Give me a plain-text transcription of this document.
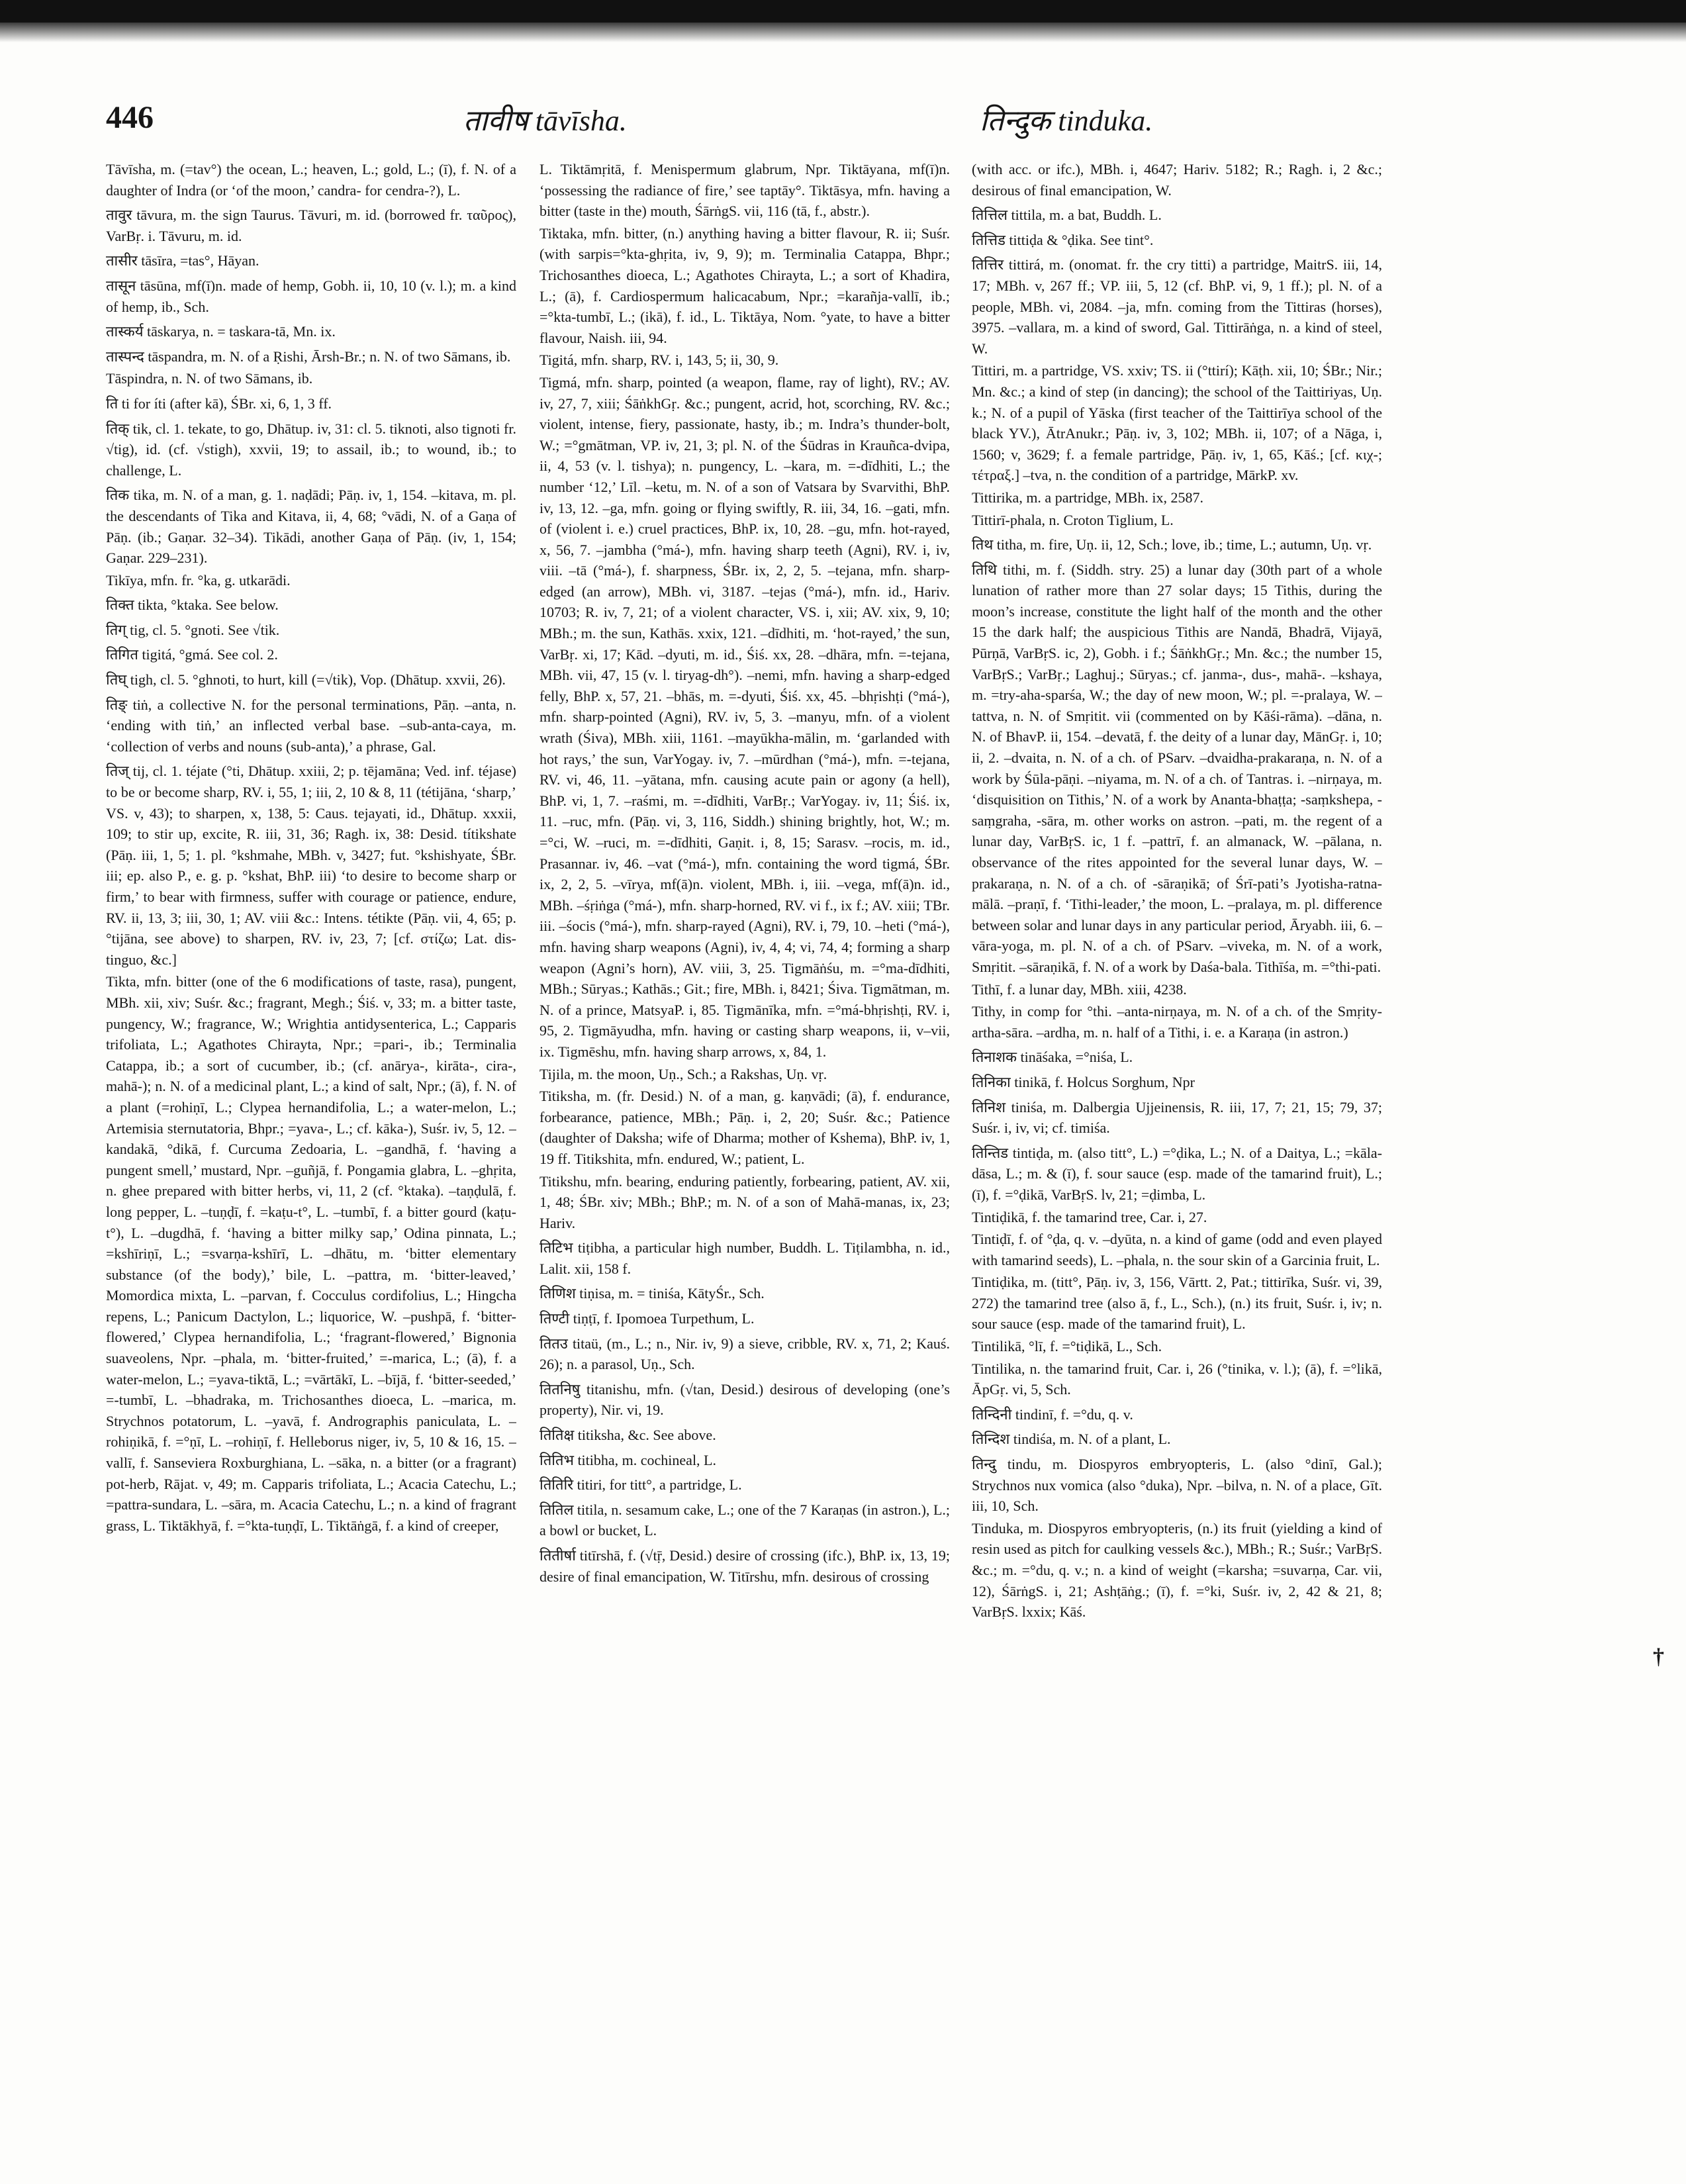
446	तावीष tāvīsha.	तिन्दुक tinduka.

Tāvīsha, m. (=tav°) the ocean, L.; heaven, L.; gold, L.; (ī), f. N. of a daughter of Indra (or ‘of the moon,’ candra- for cendra-?), L.

तावुर tāvura, m. the sign Taurus. Tāvuri, m. id. (borrowed fr. ταῦρος), VarBṛ. i. Tāvuru, m. id.

तासीर tāsīra, =tas°, Hāyan.

तासून tāsūna, mf(ī)n. made of hemp, Gobh. ii, 10, 10 (v. l.); m. a kind of hemp, ib., Sch.

तास्कर्य tāskarya, n. = taskara-tā, Mn. ix.

तास्पन्द tāspandra, m. N. of a Ṛishi, Ārsh-Br.; n. N. of two Sāmans, ib.

Tāspindra, n. N. of two Sāmans, ib.

ति ti for íti (after kā), ŚBr. xi, 6, 1, 3 ff.

तिक् tik, cl. 1. tekate, to go, Dhātup. iv, 31: cl. 5. tiknoti, also tignoti fr. √tig), id. (cf. √stigh), xxvii, 19; to assail, ib.; to wound, ib.; to challenge, L.

तिक tika, m. N. of a man, g. 1. naḍādi; Pāṇ. iv, 1, 154. –kitava, m. pl. the descendants of Tika and Kitava, ii, 4, 68; °vādi, N. of a Gaṇa of Pāṇ. (ib.; Gaṇar. 32–34). Tikādi, another Gaṇa of Pāṇ. (iv, 1, 154; Gaṇar. 229–231).

Tikīya, mfn. fr. °ka, g. utkarādi.

तिक्त tikta, °ktaka. See below.

तिग् tig, cl. 5. °gnoti. See √tik.

तिगित tigitá, °gmá. See col. 2.

तिघ् tigh, cl. 5. °ghnoti, to hurt, kill (=√tik), Vop. (Dhātup. xxvii, 26).

तिङ् tiṅ, a collective N. for the personal terminations, Pāṇ. –anta, n. ‘ending with tiṅ,’ an inflected verbal base. –sub-anta-caya, m. ‘collection of verbs and nouns (sub-anta),’ a phrase, Gal.

तिज् tij, cl. 1. téjate (°ti, Dhātup. xxiii, 2; p. tējamāna; Ved. inf. téjase) to be or become sharp, RV. i, 55, 1; iii, 2, 10 & 8, 11 (tétijāna, ‘sharp,’ VS. v, 43); to sharpen, x, 138, 5: Caus. tejayati, id., Dhātup. xxxii, 109; to stir up, excite, R. iii, 31, 36; Ragh. ix, 38: Desid. títikshate (Pāṇ. iii, 1, 5; 1. pl. °kshmahe, MBh. v, 3427; fut. °kshishyate, ŚBr. iii; ep. also P., e. g. p. °kshat, BhP. iii) ‘to desire to become sharp or firm,’ to bear with firmness, suffer with courage or patience, endure, RV. ii, 13, 3; iii, 30, 1; AV. viii &c.: Intens. tétikte (Pāṇ. vii, 4, 65; p. °tijāna, see above) to sharpen, RV. iv, 23, 7; [cf. στίζω; Lat. dis-tinguo, &c.]

Tikta, mfn. bitter (one of the 6 modifications of taste, rasa), pungent, MBh. xii, xiv; Suśr. &c.; fragrant, Megh.; Śiś. v, 33; m. a bitter taste, pungency, W.; fragrance, W.; Wrightia antidysenterica, L.; Capparis trifoliata, L.; Agathotes Chirayta, Npr.; =pari-, ib.; Terminalia Catappa, ib.; a sort of cucumber, ib.; (cf. anārya-, kirāta-, cira-, mahā-); n. N. of a medicinal plant, L.; a kind of salt, Npr.; (ā), f. N. of a plant (=rohiṇī, L.; Clypea hernandifolia, L.; a water-melon, L.; Artemisia sternutatoria, Bhpr.; =yava-, L.; cf. kāka-), Suśr. iv, 5, 12. –kandakā, °dikā, f. Curcuma Zedoaria, L. –gandhā, f. ‘having a pungent smell,’ mustard, Npr. –guñjā, f. Pongamia glabra, L. –ghṛita, n. ghee prepared with bitter herbs, vi, 11, 2 (cf. °ktaka). –taṇḍulā, f. long pepper, L. –tuṇḍī, f. =kaṭu-t°, L. –tumbī, f. a bitter gourd (kaṭu-t°), L. –dugdhā, f. ‘having a bitter milky sap,’ Odina pinnata, L.; =kshīriṇī, L.; =svarṇa-kshīrī, L. –dhātu, m. ‘bitter elementary substance (of the body),’ bile, L. –pattra, m. ‘bitter-leaved,’ Momordica mixta, L. –parvan, f. Cocculus cordifolius, L.; Hingcha repens, L.; Panicum Dactylon, L.; liquorice, W. –pushpā, f. ‘bitter-flowered,’ Clypea hernandifolia, L.; ‘fragrant-flowered,’ Bignonia suaveolens, Npr. –phala, m. ‘bitter-fruited,’ =-marica, L.; (ā), f. a water-melon, L.; =yava-tiktā, L.; =vārtākī, L. –bījā, f. ‘bitter-seeded,’ =-tumbī, L. –bhadraka, m. Trichosanthes dioeca, L. –marica, m. Strychnos potatorum, L. –yavā, f. Andrographis paniculata, L. –rohiṇikā, f. =°ṇī, L. –rohiṇī, f. Helleborus niger, iv, 5, 10 & 16, 15. –vallī, f. Sanseviera Roxburghiana, L. –sāka, n. a bitter (or a fragrant) pot-herb, Rājat. v, 49; m. Capparis trifoliata, L.; Acacia Catechu, L.; =pattra-sundara, L. –sāra, m. Acacia Catechu, L.; n. a kind of fragrant grass, L. Tiktākhyā, f. =°kta-tuṇḍī, L. Tiktāṅgā, f. a kind of creeper,

L. Tiktāmṛitā, f. Menispermum glabrum, Npr. Tiktāyana, mf(ī)n. ‘possessing the radiance of fire,’ see taptāy°. Tiktāsya, mfn. having a bitter (taste in the) mouth, ŚārṅgS. vii, 116 (tā, f., abstr.).

Tiktaka, mfn. bitter, (n.) anything having a bitter flavour, R. ii; Suśr. (with sarpis=°kta-ghṛita, iv, 9, 9); m. Terminalia Catappa, Bhpr.; Trichosanthes dioeca, L.; Agathotes Chirayta, L.; a sort of Khadira, L.; (ā), f. Cardiospermum halicacabum, Npr.; =karañja-vallī, ib.; =°kta-tumbī, L.; (ikā), f. id., L. Tiktāya, Nom. °yate, to have a bitter flavour, Naish. iii, 94.

Tigitá, mfn. sharp, RV. i, 143, 5; ii, 30, 9.

Tigmá, mfn. sharp, pointed (a weapon, flame, ray of light), RV.; AV. iv, 27, 7, xiii; ŚāṅkhGṛ. &c.; pungent, acrid, hot, scorching, RV. &c.; violent, intense, fiery, passionate, hasty, ib.; m. Indra’s thunder-bolt, W.; =°gmātman, VP. iv, 21, 3; pl. N. of the Śūdras in Krauñca-dvipa, ii, 4, 53 (v. l. tishya); n. pungency, L. –kara, m. =-dīdhiti, L.; the number ‘12,’ Līl. –ketu, m. N. of a son of Vatsara by Svarvithi, BhP. iv, 13, 12. –ga, mfn. going or flying swiftly, R. iii, 34, 16. –gati, mfn. of (violent i. e.) cruel practices, BhP. ix, 10, 28. –gu, mfn. hot-rayed, x, 56, 7. –jambha (°má-), mfn. having sharp teeth (Agni), RV. i, iv, viii. –tā (°má-), f. sharpness, ŚBr. ix, 2, 2, 5. –tejana, mfn. sharp-edged (an arrow), MBh. vi, 3187. –tejas (°má-), mfn. id., Hariv. 10703; R. iv, 7, 21; of a violent character, VS. i, xii; AV. xix, 9, 10; MBh.; m. the sun, Kathās. xxix, 121. –dīdhiti, m. ‘hot-rayed,’ the sun, VarBṛ. xi, 17; Kād. –dyuti, m. id., Śiś. xx, 28. –dhāra, mfn. =-tejana, MBh. vii, 47, 15 (v. l. tiryag-dh°). –nemi, mfn. having a sharp-edged felly, BhP. x, 57, 21. –bhās, m. =-dyuti, Śiś. xx, 45. –bhṛishṭi (°má-), mfn. sharp-pointed (Agni), RV. iv, 5, 3. –manyu, mfn. of a violent wrath (Śiva), MBh. xiii, 1161. –mayūkha-mālin, m. ‘garlanded with hot rays,’ the sun, VarYogay. iv, 7. –mūrdhan (°má-), mfn. =-tejana, RV. vi, 46, 11. –yātana, mfn. causing acute pain or agony (a hell), BhP. vi, 1, 7. –raśmi, m. =-dīdhiti, VarBṛ.; VarYogay. iv, 11; Śiś. ix, 11. –ruc, mfn. (Pāṇ. vi, 3, 116, Siddh.) shining brightly, hot, W.; m. =°ci, W. –ruci, m. =-dīdhiti, Gaṇit. i, 8, 15; Sarasv. –rocis, m. id., Prasannar. iv, 46. –vat (°má-), mfn. containing the word tigmá, ŚBr. ix, 2, 2, 5. –vīrya, mf(ā)n. violent, MBh. i, iii. –vega, mf(ā)n. id., MBh. –śṛiṅga (°má-), mfn. sharp-horned, RV. vi f., ix f.; AV. xiii; TBr. iii. –śocis (°má-), mfn. sharp-rayed (Agni), RV. i, 79, 10. –heti (°má-), mfn. having sharp weapons (Agni), iv, 4, 4; vi, 74, 4; forming a sharp weapon (Agni’s horn), AV. viii, 3, 25. Tigmāṅśu, m. =°ma-dīdhiti, MBh.; Sūryas.; Kathās.; Git.; fire, MBh. i, 8421; Śiva. Tigmātman, m. N. of a prince, MatsyaP. i, 85. Tigmānīka, mfn. =°má-bhṛishṭi, RV. i, 95, 2. Tigmāyudha, mfn. having or casting sharp weapons, ii, v–vii, ix. Tigmēshu, mfn. having sharp arrows, x, 84, 1.

Tijila, m. the moon, Uṇ., Sch.; a Rakshas, Uṇ. vṛ.

Titiksha, m. (fr. Desid.) N. of a man, g. kaṇvādi; (ā), f. endurance, forbearance, patience, MBh.; Pāṇ. i, 2, 20; Suśr. &c.; Patience (daughter of Daksha; wife of Dharma; mother of Kshema), BhP. iv, 1, 19 ff. Titikshita, mfn. endured, W.; patient, L.

Titikshu, mfn. bearing, enduring patiently, forbearing, patient, AV. xii, 1, 48; ŚBr. xiv; MBh.; BhP.; m. N. of a son of Mahā-manas, ix, 23; Hariv.

तिटिभ tiṭibha, a particular high number, Buddh. L. Tiṭilambha, n. id., Lalit. xii, 158 f.

तिणिश tiṇisa, m. = tiniśa, KātyŚr., Sch.

तिण्टी tiṇṭī, f. Ipomoea Turpethum, L.

तितउ titaü, (m., L.; n., Nir. iv, 9) a sieve, cribble, RV. x, 71, 2; Kauś. 26); n. a parasol, Uṇ., Sch.

तितनिषु titanishu, mfn. (√tan, Desid.) desirous of developing (one’s property), Nir. vi, 19.

तितिक्ष titiksha, &c. See above.

तितिभ titibha, m. cochineal, L.

तितिरि titiri, for titt°, a partridge, L.

तितिल titila, n. sesamum cake, L.; one of the 7 Karaṇas (in astron.), L.; a bowl or bucket, L.

तितीर्षा titīrshā, f. (√tṝ, Desid.) desire of crossing (ifc.), BhP. ix, 13, 19; desire of final emancipation, W. Titīrshu, mfn. desirous of crossing

(with acc. or ifc.), MBh. i, 4647; Hariv. 5182; R.; Ragh. i, 2 &c.; desirous of final emancipation, W.

तित्तिल tittila, m. a bat, Buddh. L.

तित्तिड tittiḍa & °ḍika. See tint°.

तित्तिर tittirá, m. (onomat. fr. the cry titti) a partridge, MaitrS. iii, 14, 17; MBh. v, 267 ff.; VP. iii, 5, 12 (cf. BhP. vi, 9, 1 ff.); pl. N. of a people, MBh. vi, 2084. –ja, mfn. coming from the Tittiras (horses), 3975. –vallara, m. a kind of sword, Gal. Tittirāṅga, n. a kind of steel, W.

Tittiri, m. a partridge, VS. xxiv; TS. ii (°ttirí); Kāṭh. xii, 10; ŚBr.; Nir.; Mn. &c.; a kind of step (in dancing); the school of the Taittiriyas, Uṇ. k.; N. of a pupil of Yāska (first teacher of the Taittirīya school of the black YV.), ĀtrAnukr.; Pāṇ. iv, 3, 102; MBh. ii, 107; of a Nāga, i, 1560; v, 3629; f. a female partridge, Pāṇ. iv, 1, 65, Kāś.; [cf. κιχ-; τέτραξ.] –tva, n. the condition of a partridge, MārkP. xv.

Tittirika, m. a partridge, MBh. ix, 2587.

Tittirī-phala, n. Croton Tiglium, L.

तिथ titha, m. fire, Uṇ. ii, 12, Sch.; love, ib.; time, L.; autumn, Uṇ. vṛ.

तिथि tithi, m. f. (Siddh. stry. 25) a lunar day (30th part of a whole lunation of rather more than 27 solar days; 15 Tithis, during the moon’s increase, constitute the light half of the month and the other 15 the dark half; the auspicious Tithis are Nandā, Bhadrā, Vijayā, Pūrṇā, VarBṛS. ic, 2), Gobh. i f.; ŚāṅkhGṛ.; Mn. &c.; the number 15, VarBṛS.; VarBṛ.; Laghuj.; Sūryas.; cf. janma-, dus-, mahā-. –kshaya, m. =try-aha-sparśa, W.; the day of new moon, W.; pl. =-pralaya, W. –tattva, n. N. of Smṛitit. vii (commented on by Kāśi-rāma). –dāna, n. N. of BhavP. ii, 154. –devatā, f. the deity of a lunar day, MānGṛ. i, 10; ii, 2. –dvaita, n. N. of a ch. of PSarv. –dvaidha-prakaraṇa, n. N. of a work by Śūla-pāṇi. –niyama, m. N. of a ch. of Tantras. i. –nirṇaya, m. ‘disquisition on Tithis,’ N. of a work by Ananta-bhaṭṭa; -saṃkshepa, -saṃgraha, -sāra, m. other works on astron. –pati, m. the regent of a lunar day, VarBṛS. ic, 1 f. –pattrī, f. an almanack, W. –pālana, n. observance of the rites appointed for the several lunar days, W. –prakaraṇa, n. N. of a ch. of -sāraṇikā; of Śrī-pati’s Jyotisha-ratna-mālā. –praṇī, f. ‘Tithi-leader,’ the moon, L. –pralaya, m. pl. difference between solar and lunar days in any particular period, Āryabh. iii, 6. –vāra-yoga, m. pl. N. of a ch. of PSarv. –viveka, m. N. of a work, Smṛitit. –sāraṇikā, f. N. of a work by Daśa-bala. Tithīśa, m. =°thi-pati.

Tithī, f. a lunar day, MBh. xiii, 4238.

Tithy, in comp for °thi. –anta-nirṇaya, m. N. of a ch. of the Smṛity-artha-sāra. –ardha, m. n. half of a Tithi, i. e. a Karaṇa (in astron.)

तिनाशक tināśaka, =°niśa, L.

तिनिका tinikā, f. Holcus Sorghum, Npr

तिनिश tiniśa, m. Dalbergia Ujjeinensis, R. iii, 17, 7; 21, 15; 79, 37; Suśr. i, iv, vi; cf. timiśa.

तिन्तिड tintiḍa, m. (also titt°, L.) =°ḍika, L.; N. of a Daitya, L.; =kāla-dāsa, L.; m. & (ī), f. sour sauce (esp. made of the tamarind fruit), L.; (ī), f. =°ḍikā, VarBṛS. lv, 21; =ḍimba, L.

Tintiḍikā, f. the tamarind tree, Car. i, 27.

Tintiḍī, f. of °ḍa, q. v. –dyūta, n. a kind of game (odd and even played with tamarind seeds), L. –phala, n. the sour skin of a Garcinia fruit, L.

Tintiḍika, m. (titt°, Pāṇ. iv, 3, 156, Vārtt. 2, Pat.; tittirīka, Suśr. vi, 39, 272) the tamarind tree (also ā, f., L., Sch.), (n.) its fruit, Suśr. i, iv; n. sour sauce (esp. made of the tamarind fruit), L.

Tintilikā, °lī, f. =°tiḍikā, L., Sch.

Tintilika, n. the tamarind fruit, Car. i, 26 (°tinika, v. l.); (ā), f. =°likā, ĀpGṛ. vi, 5, Sch.

तिन्दिनी tindinī, f. =°du, q. v.

तिन्दिश tindiśa, m. N. of a plant, L.

तिन्दु tindu, m. Diospyros embryopteris, L. (also °dinī, Gal.); Strychnos nux vomica (also °duka), Npr. –bilva, n. N. of a place, Gīt. iii, 10, Sch.

Tinduka, m. Diospyros embryopteris, (n.) its fruit (yielding a kind of resin used as pitch for caulking vessels &c.), MBh.; R.; Suśr.; VarBṛS. &c.; m. =°du, q. v.; n. a kind of weight (=karsha; =suvarṇa, Car. vii, 12), ŚārṅgS. i, 21; Ashṭāṅg.; (ī), f. =°ki, Suśr. iv, 2, 42 & 21, 8; VarBṛS. lxxix; Kāś.

†
